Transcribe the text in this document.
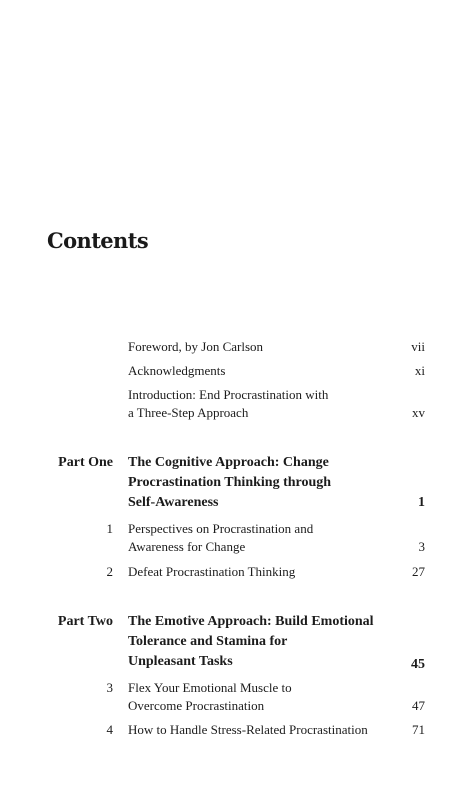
Contents
Foreword, by Jon Carlson	vii
Acknowledgments	xi
Introduction: End Procrastination with
a Three-Step Approach	xv
Part One The Cognitive Approach: Change
Procrastination Thinking through
Self-Awareness	1
1 Perspectives on Procrastination and
Awareness for Change	3
2 Defeat Procrastination Thinking	27
Part Two The Emotive Approach: Build Emotional
Tolerance and Stamina for
Unpleasant Tasks	45
3 Flex Your Emotional Muscle to
Overcome Procrastination	47
4 How to Handle Stress-Related Procrastination	71
